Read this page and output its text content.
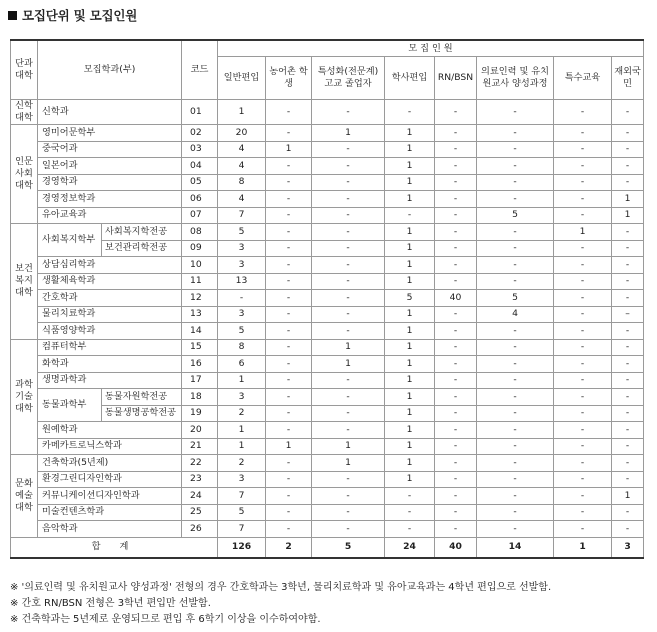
모집단위 및 모집인원
단과대학	모집학과(부)		코드	모 집 인 원							
				일반편입	농어촌 학 생	특성화(전문계) 고교 졸업자	학사편입	RN/BSN	의료인력 및 유치원교사 양성과정	특수교육	재외국민
신학대학	신학과		01	1	-	-	-	-	-	-	-
인문사회대학	영미어문학부		02	20	-	1	1	-	-	-	-
	중국어과		03	4	1	-	1	-	-	-	-
	일본어과		04	4	-	-	1	-	-	-	-
	경영학과		05	8	-	-	1	-	-	-	-
	경영정보학과		06	4	-	-	1	-	-	-	1
	유아교육과		07	7	-	-	-	-	5	-	1
보건복지대학	사회복지학부	사회복지학전공	08	5	-	-	1	-	-	1	-
		보건관리학전공	09	3	-	-	1	-	-	-	-
	상담심리학과		10	3	-	-	1	-	-	-	-
	생활체육학과		11	13	-	-	1	-	-	-	-
	간호학과		12	-	-	-	5	40	5	-	-
	물리치료학과		13	3	-	-	1	-	4	-	–
	식품영양학과		14	5	-	-	1	-	-	-	-
과학기술대학	컴퓨터학부		15	8	-	1	1	-	-	-	-
	화학과		16	6	-	1	1	-	-	-	-
	생명과학과		17	1	-	-	1	-	-	-	-
	동물과학부	동물자원학전공	18	3	-	-	1	-	-	-	-
		동물생명공학전공	19	2	-	-	1	-	-	-	-
	원예학과		20	1	-	-	1	-	-	-	-
	카메카트로닉스학과		21	1	1	1	1	-	-	-	-
문화예술대학	건축학과(5년제)		22	2	-	1	1	-	-	-	-
	환경그린디자인학과		23	3	-	-	1	-	-	-	-
	커뮤니케이션디자인학과		24	7	-	-	-	-	-	-	1
	미술컨텐츠학과		25	5	-	-	-	-	-	-	-
	음악학과		26	7	-	-	-	-	-	-	-
합 계				126	2	5	24	40	14	1	3
※ '의료인력 및 유치원교사 양성과정' 전형의 경우 간호학과는 3학년, 물리치료학과 및 유아교육과는 4학년 편입으로 선발함.
※ 간호 RN/BSN 전형은 3학년 편입만 선발함.
※ 건축학과는 5년제로 운영되므로 편입 후 6학기 이상을 이수하여야함.
